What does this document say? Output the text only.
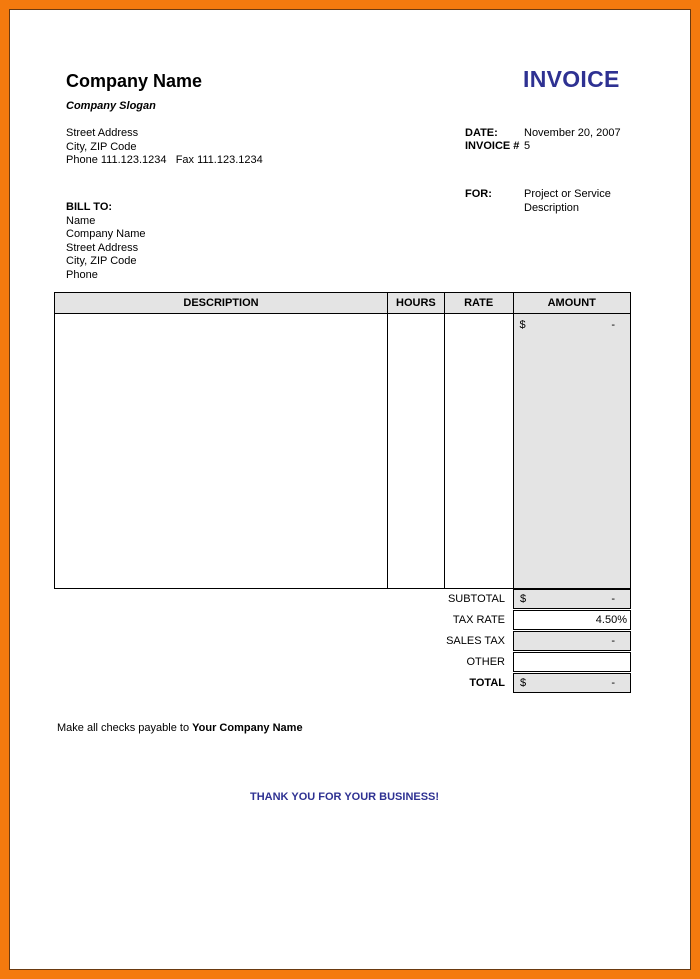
Company Name
Company Slogan
Street Address
City, ZIP Code
Phone 111.123.1234   Fax 111.123.1234
INVOICE
DATE: November 20, 2007
INVOICE # 5
FOR:	Project or Service
Description
BILL TO:
Name
Company Name
Street Address
City, ZIP Code
Phone
DESCRIPTION	HOURS	RATE	AMOUNT

			$ -
SUBTOTAL $	-
TAX RATE	4.50%
SALES TAX	-
OTHER
TOTAL $	-
Make all checks payable to Your Company Name
THANK YOU FOR YOUR BUSINESS!
